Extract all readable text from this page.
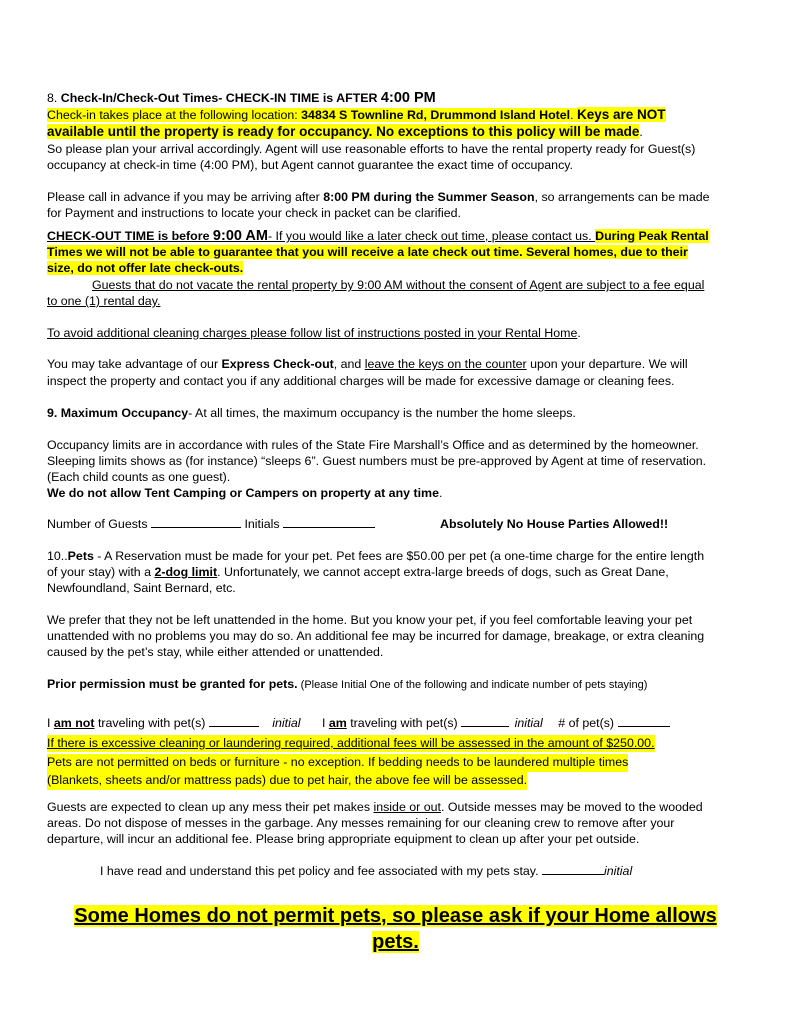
8. Check-In/Check-Out Times- CHECK-IN TIME is AFTER 4:00 PM
Check-in takes place at the following location: 34834 S Townline Rd, Drummond Island Hotel. Keys are NOT
available until the property is ready for occupancy. No exceptions to this policy will be made.
So please plan your arrival accordingly. Agent will use reasonable efforts to have the rental property ready for Guest(s)
occupancy at check-in time (4:00 PM), but Agent cannot guarantee the exact time of occupancy.
Please call in advance if you may be arriving after 8:00 PM during the Summer Season, so arrangements can be made
for Payment and instructions to locate your check in packet can be clarified.
CHECK-OUT TIME is before 9:00 AM- If you would like a later check out time, please contact us. During Peak Rental
Times we will not be able to guarantee that you will receive a late check out time. Several homes, due to their
size, do not offer late check-outs.
Guests that do not vacate the rental property by 9:00 AM without the consent of Agent are subject to a fee equal
to one (1) rental day.
To avoid additional cleaning charges please follow list of instructions posted in your Rental Home.
You may take advantage of our Express Check-out, and leave the keys on the counter upon your departure. We will
inspect the property and contact you if any additional charges will be made for excessive damage or cleaning fees.
9. Maximum Occupancy- At all times, the maximum occupancy is the number the home sleeps.
Occupancy limits are in accordance with rules of the State Fire Marshall’s Office and as determined by the homeowner.
Sleeping limits shows as (for instance) “sleeps 6”. Guest numbers must be pre-approved by Agent at time of reservation.
(Each child counts as one guest).
We do not allow Tent Camping or Campers on property at any time.
Number of Guests	Initials	Absolutely No House Parties Allowed!!
10..Pets - A Reservation must be made for your pet. Pet fees are $50.00 per pet (a one-time charge for the entire length
of your stay) with a 2-dog limit. Unfortunately, we cannot accept extra-large breeds of dogs, such as Great Dane,
Newfoundland, Saint Bernard, etc.
We prefer that they not be left unattended in the home. But you know your pet, if you feel comfortable leaving your pet
unattended with no problems you may do so. An additional fee may be incurred for damage, breakage, or extra cleaning
caused by the pet’s stay, while either attended or unattended.
Prior permission must be granted for pets. (Please Initial One of the following and indicate number of pets staying)
I am not traveling with pet(s)	initial I am traveling with pet(s)	initial # of pet(s)
If there is excessive cleaning or laundering required, additional fees will be assessed in the amount of $250.00.
Pets are not permitted on beds or furniture - no exception. If bedding needs to be laundered multiple times
(Blankets, sheets and/or mattress pads) due to pet hair, the above fee will be assessed.
Guests are expected to clean up any mess their pet makes inside or out. Outside messes may be moved to the wooded
areas. Do not dispose of messes in the garbage. Any messes remaining for our cleaning crew to remove after your
departure, will incur an additional fee. Please bring appropriate equipment to clean up after your pet outside.
I have read and understand this pet policy and fee associated with my pets stay.	initial
Some Homes do not permit pets, so please ask if your Home allows
pets.
